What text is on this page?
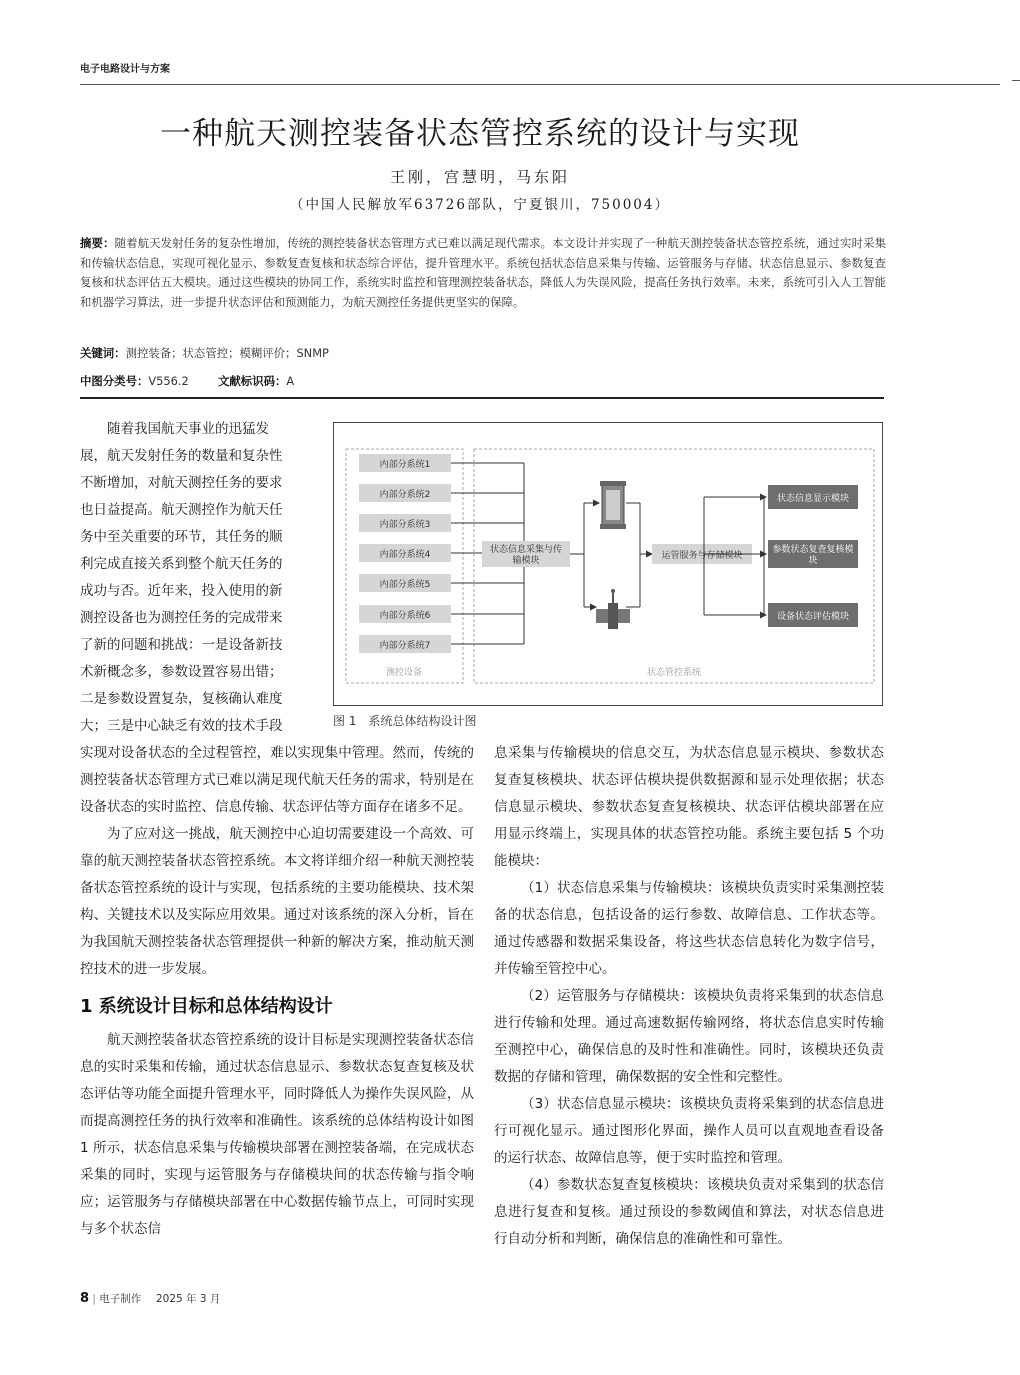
电子电路设计与方案
一种航天测控装备状态管控系统的设计与实现
王刚，宫慧明，马东阳
（中国人民解放军63726部队，宁夏银川，750004）
摘要：随着航天发射任务的复杂性增加，传统的测控装备状态管理方式已难以满足现代需求。本文设计并实现了一种航天测控装备状态管控系统，通过实时采集和传输状态信息，实现可视化显示、参数复查复核和状态综合评估，提升管理水平。系统包括状态信息采集与传输、运管服务与存储、状态信息显示、参数复查复核和状态评估五大模块。通过这些模块的协同工作，系统实时监控和管理测控装备状态，降低人为失误风险，提高任务执行效率。未来，系统可引入人工智能和机器学习算法，进一步提升状态评估和预测能力，为航天测控任务提供更坚实的保障。
关键词：测控装备；状态管控；模糊评价；SNMP
中图分类号：V556.2	文献标识码：A
随着我国航天事业的迅猛发
展，航天发射任务的数量和复杂性
不断增加，对航天测控任务的要求
也日益提高。航天测控作为航天任
务中至关重要的环节，其任务的顺
利完成直接关系到整个航天任务的
成功与否。近年来，投入使用的新
测控设备也为测控任务的完成带来
了新的问题和挑战：一是设备新技
术新概念多，参数设置容易出错；
二是参数设置复杂，复核确认难度
大；三是中心缺乏有效的技术手段
测控设备	状态管控系统
内部分系统1
内部分系统2
内部分系统3
内部分系统4
内部分系统5
内部分系统6
内部分系统7
状态信息采集与传
输模块	运管服务与存储模块
状态信息显示模块
参数状态复查复核模
块
设备状态评估模块
图 1　系统总体结构设计图

实现对设备状态的全过程管控，难以实现集中管理。然而，传统的测控装备状态管理方式已难以满足现代航天任务的需求，特别是在设备状态的实时监控、信息传输、状态评估等方面存在诸多不足。

为了应对这一挑战，航天测控中心迫切需要建设一个高效、可靠的航天测控装备状态管控系统。本文将详细介绍一种航天测控装备状态管控系统的设计与实现，包括系统的主要功能模块、技术架构、关键技术以及实际应用效果。通过对该系统的深入分析，旨在为我国航天测控装备状态管理提供一种新的解决方案，推动航天测控技术的进一步发展。

1 系统设计目标和总体结构设计

航天测控装备状态管控系统的设计目标是实现测控装备状态信息的实时采集和传输，通过状态信息显示、参数状态复查复核及状态评估等功能全面提升管理水平，同时降低人为操作失误风险，从而提高测控任务的执行效率和准确性。该系统的总体结构设计如图 1 所示，状态信息采集与传输模块部署在测控装备端，在完成状态采集的同时，实现与运管服务与存储模块间的状态传输与指令响应；运管服务与存储模块部署在中心数据传输节点上，可同时实现与多个状态信

息采集与传输模块的信息交互，为状态信息显示模块、参数状态复查复核模块、状态评估模块提供数据源和显示处理依据；状态信息显示模块、参数状态复查复核模块、状态评估模块部署在应用显示终端上，实现具体的状态管控功能。系统主要包括 5 个功能模块：

（1）状态信息采集与传输模块：该模块负责实时采集测控装备的状态信息，包括设备的运行参数、故障信息、工作状态等。通过传感器和数据采集设备，将这些状态信息转化为数字信号，并传输至管控中心。

（2）运管服务与存储模块：该模块负责将采集到的状态信息进行传输和处理。通过高速数据传输网络，将状态信息实时传输至测控中心，确保信息的及时性和准确性。同时，该模块还负责数据的存储和管理，确保数据的安全性和完整性。

（3）状态信息显示模块：该模块负责将采集到的状态信息进行可视化显示。通过图形化界面，操作人员可以直观地查看设备的运行状态、故障信息等，便于实时监控和管理。

（4）参数状态复查复核模块：该模块负责对采集到的状态信息进行复查和复核。通过预设的参数阈值和算法，对状态信息进行自动分析和判断，确保信息的准确性和可靠性。

8 | 电子制作 2025 年 3 月
